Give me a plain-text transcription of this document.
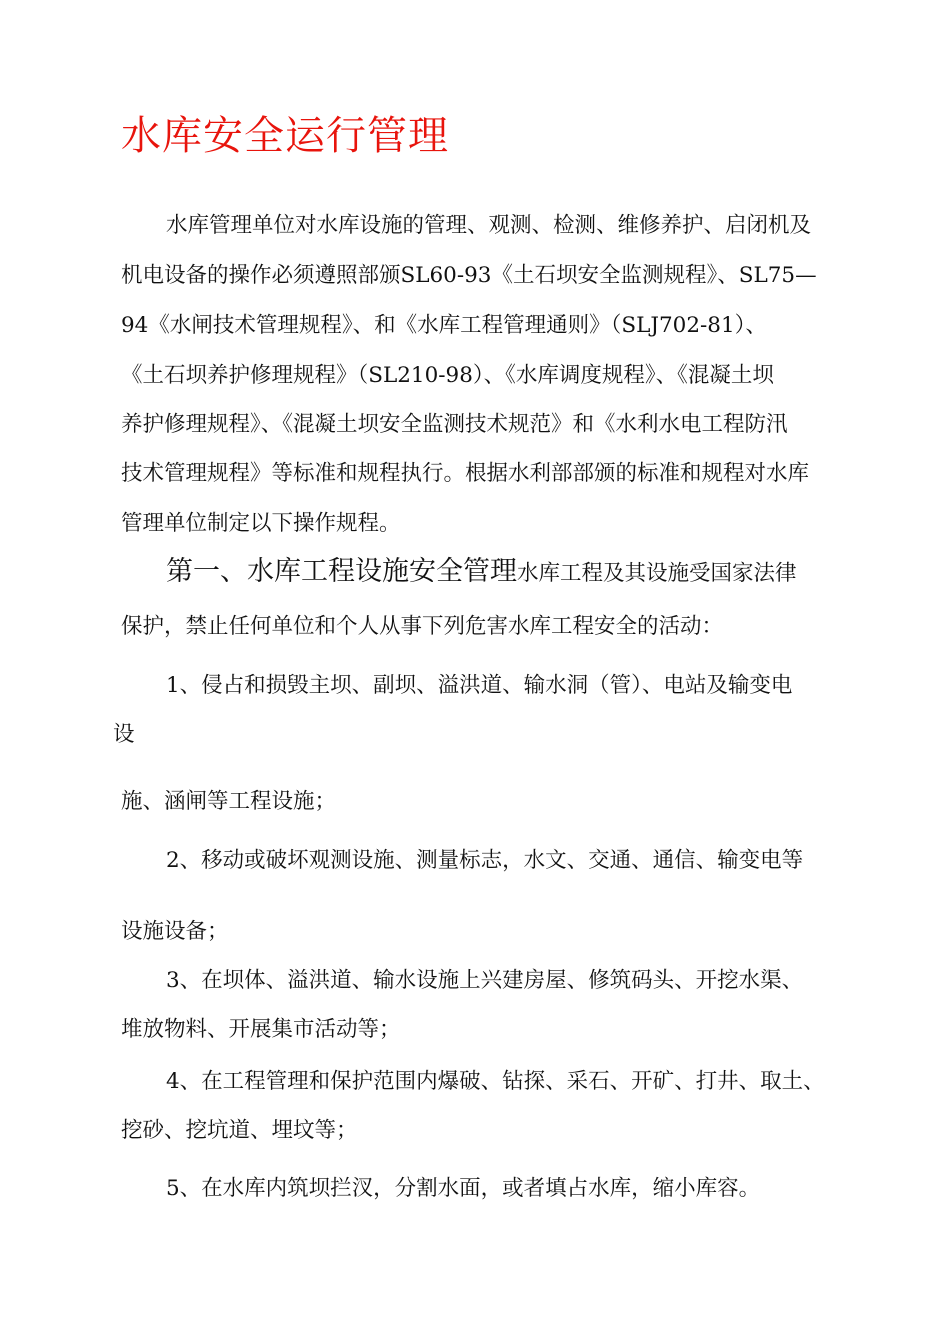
水库安全运行管理
水库管理单位对水库设施的管理、观测、检测、维修养护、启闭机及
机电设备的操作必须遵照部颁SL60-93《土石坝安全监测规程》、SL75—
94《水闸技术管理规程》、和《水库工程管理通则》（SLJ702-81）、
《土石坝养护修理规程》（SL210-98）、《水库调度规程》、《混凝土坝
养护修理规程》、《混凝土坝安全监测技术规范》和《水利水电工程防汛
技术管理规程》等标准和规程执行。根据水利部部颁的标准和规程对水库
管理单位制定以下操作规程。
第一、水库工程设施安全管理水库工程及其设施受国家法律
保护，禁止任何单位和个人从事下列危害水库工程安全的活动：
1、侵占和损毁主坝、副坝、溢洪道、输水洞（管）、电站及输变电
设
施、涵闸等工程设施；
2、移动或破坏观测设施、测量标志，水文、交通、通信、输变电等
设施设备；
3、在坝体、溢洪道、输水设施上兴建房屋、修筑码头、开挖水渠、
堆放物料、开展集市活动等；
4、在工程管理和保护范围内爆破、钻探、采石、开矿、打井、取土、
挖砂、挖坑道、埋坟等；
5、在水库内筑坝拦汊，分割水面，或者填占水库，缩小库容。
